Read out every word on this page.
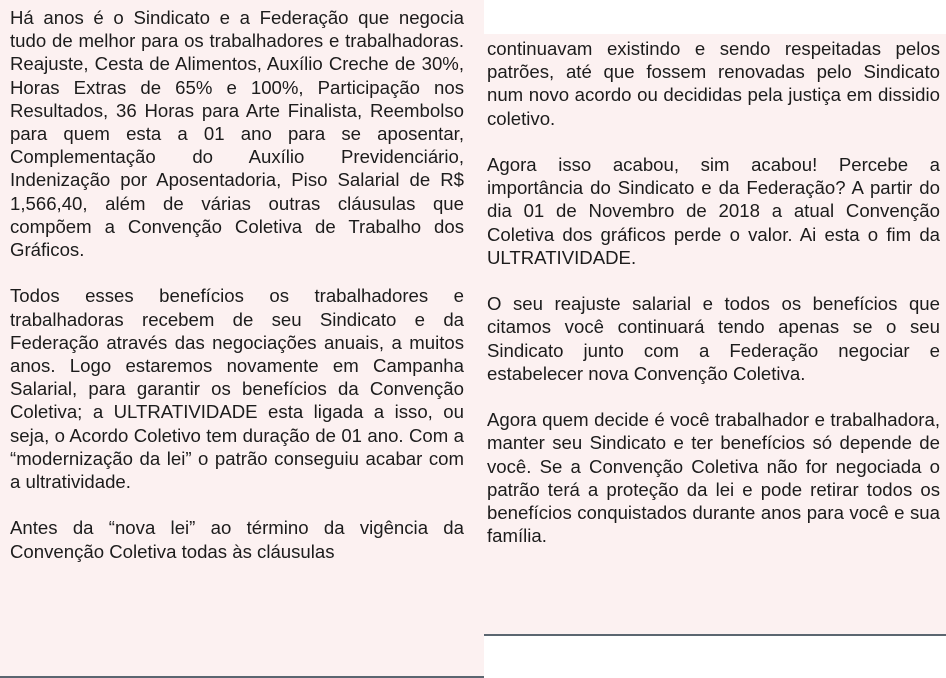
Há anos é o Sindicato e a Federação que negocia tudo de melhor para os trabalhadores e trabalhadoras. Reajuste, Cesta de Alimentos, Auxílio Creche de 30%, Horas Extras de 65% e 100%, Participação nos Resultados, 36 Horas para Arte Finalista, Reembolso para quem esta a 01 ano para se aposentar, Complementação do Auxílio Previdenciário, Indenização por Aposentadoria, Piso Salarial de R$ 1,566,40, além de várias outras cláusulas que compõem a Convenção Coletiva de Trabalho dos Gráficos.

Todos esses benefícios os trabalhadores e trabalhadoras recebem de seu Sindicato e da Federação através das negociações anuais, a muitos anos. Logo estaremos novamente em Campanha Salarial, para garantir os benefícios da Convenção Coletiva; a ULTRATIVIDADE esta ligada a isso, ou seja, o Acordo Coletivo tem duração de 01 ano. Com a “modernização da lei” o patrão conseguiu acabar com a ultratividade.

Antes da “nova lei” ao término da vigência da Convenção Coletiva todas às cláusulas

continuavam existindo e sendo respeitadas pelos patrões, até que fossem renovadas pelo Sindicato num novo acordo ou decididas pela justiça em dissidio coletivo.

Agora isso acabou, sim acabou! Percebe a importância do Sindicato e da Federação? A partir do dia 01 de Novembro de 2018 a atual Convenção Coletiva dos gráficos perde o valor. Ai esta o fim da ULTRATIVIDADE.

O seu reajuste salarial e todos os benefícios que citamos você continuará tendo apenas se o seu Sindicato junto com a Federação negociar e estabelecer nova Convenção Coletiva.

Agora quem decide é você trabalhador e trabalhadora, manter seu Sindicato e ter benefícios só depende de você. Se a Convenção Coletiva não for negociada o patrão terá a proteção da lei e pode retirar todos os benefícios conquistados durante anos para você e sua família.
